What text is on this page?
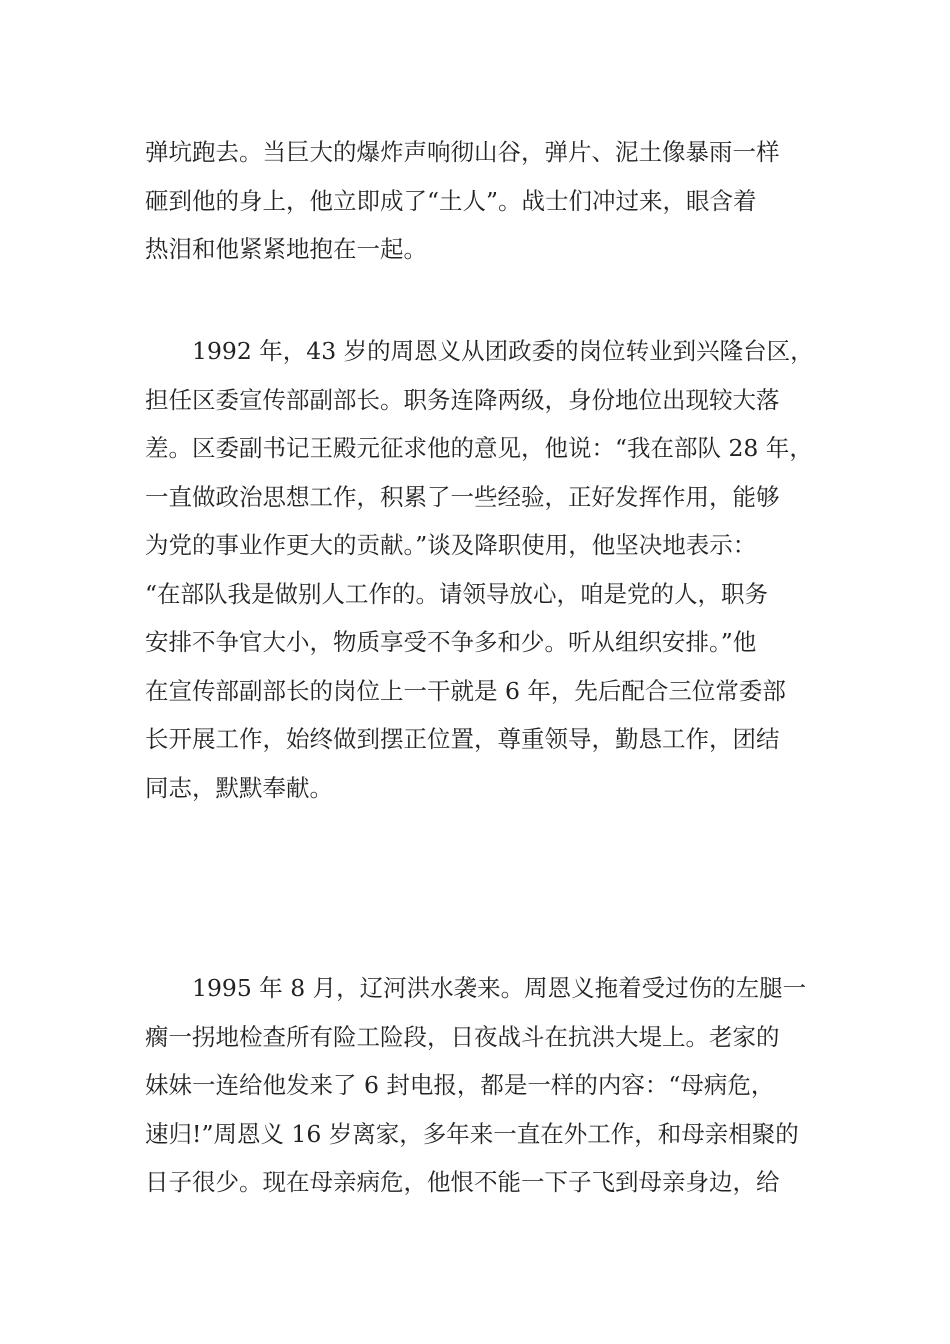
弹坑跑去。当巨大的爆炸声响彻山谷，弹片、泥土像暴雨一样
砸到他的身上，他立即成了“土人”。战士们冲过来，眼含着
热泪和他紧紧地抱在一起。
1992 年，43 岁的周恩义从团政委的岗位转业到兴隆台区，
担任区委宣传部副部长。职务连降两级，身份地位出现较大落
差。区委副书记王殿元征求他的意见，他说：“我在部队 28 年，
一直做政治思想工作，积累了一些经验，正好发挥作用，能够
为党的事业作更大的贡献。”谈及降职使用，他坚决地表示：
“在部队我是做别人工作的。请领导放心，咱是党的人，职务
安排不争官大小，物质享受不争多和少。听从组织安排。”他
在宣传部副部长的岗位上一干就是 6 年，先后配合三位常委部
长开展工作，始终做到摆正位置，尊重领导，勤恳工作，团结
同志，默默奉献。
1995 年 8 月，辽河洪水袭来。周恩义拖着受过伤的左腿一
瘸一拐地检查所有险工险段，日夜战斗在抗洪大堤上。老家的
妹妹一连给他发来了 6 封电报，都是一样的内容：“母病危，
速归!”周恩义 16 岁离家，多年来一直在外工作，和母亲相聚的
日子很少。现在母亲病危，他恨不能一下子飞到母亲身边，给
